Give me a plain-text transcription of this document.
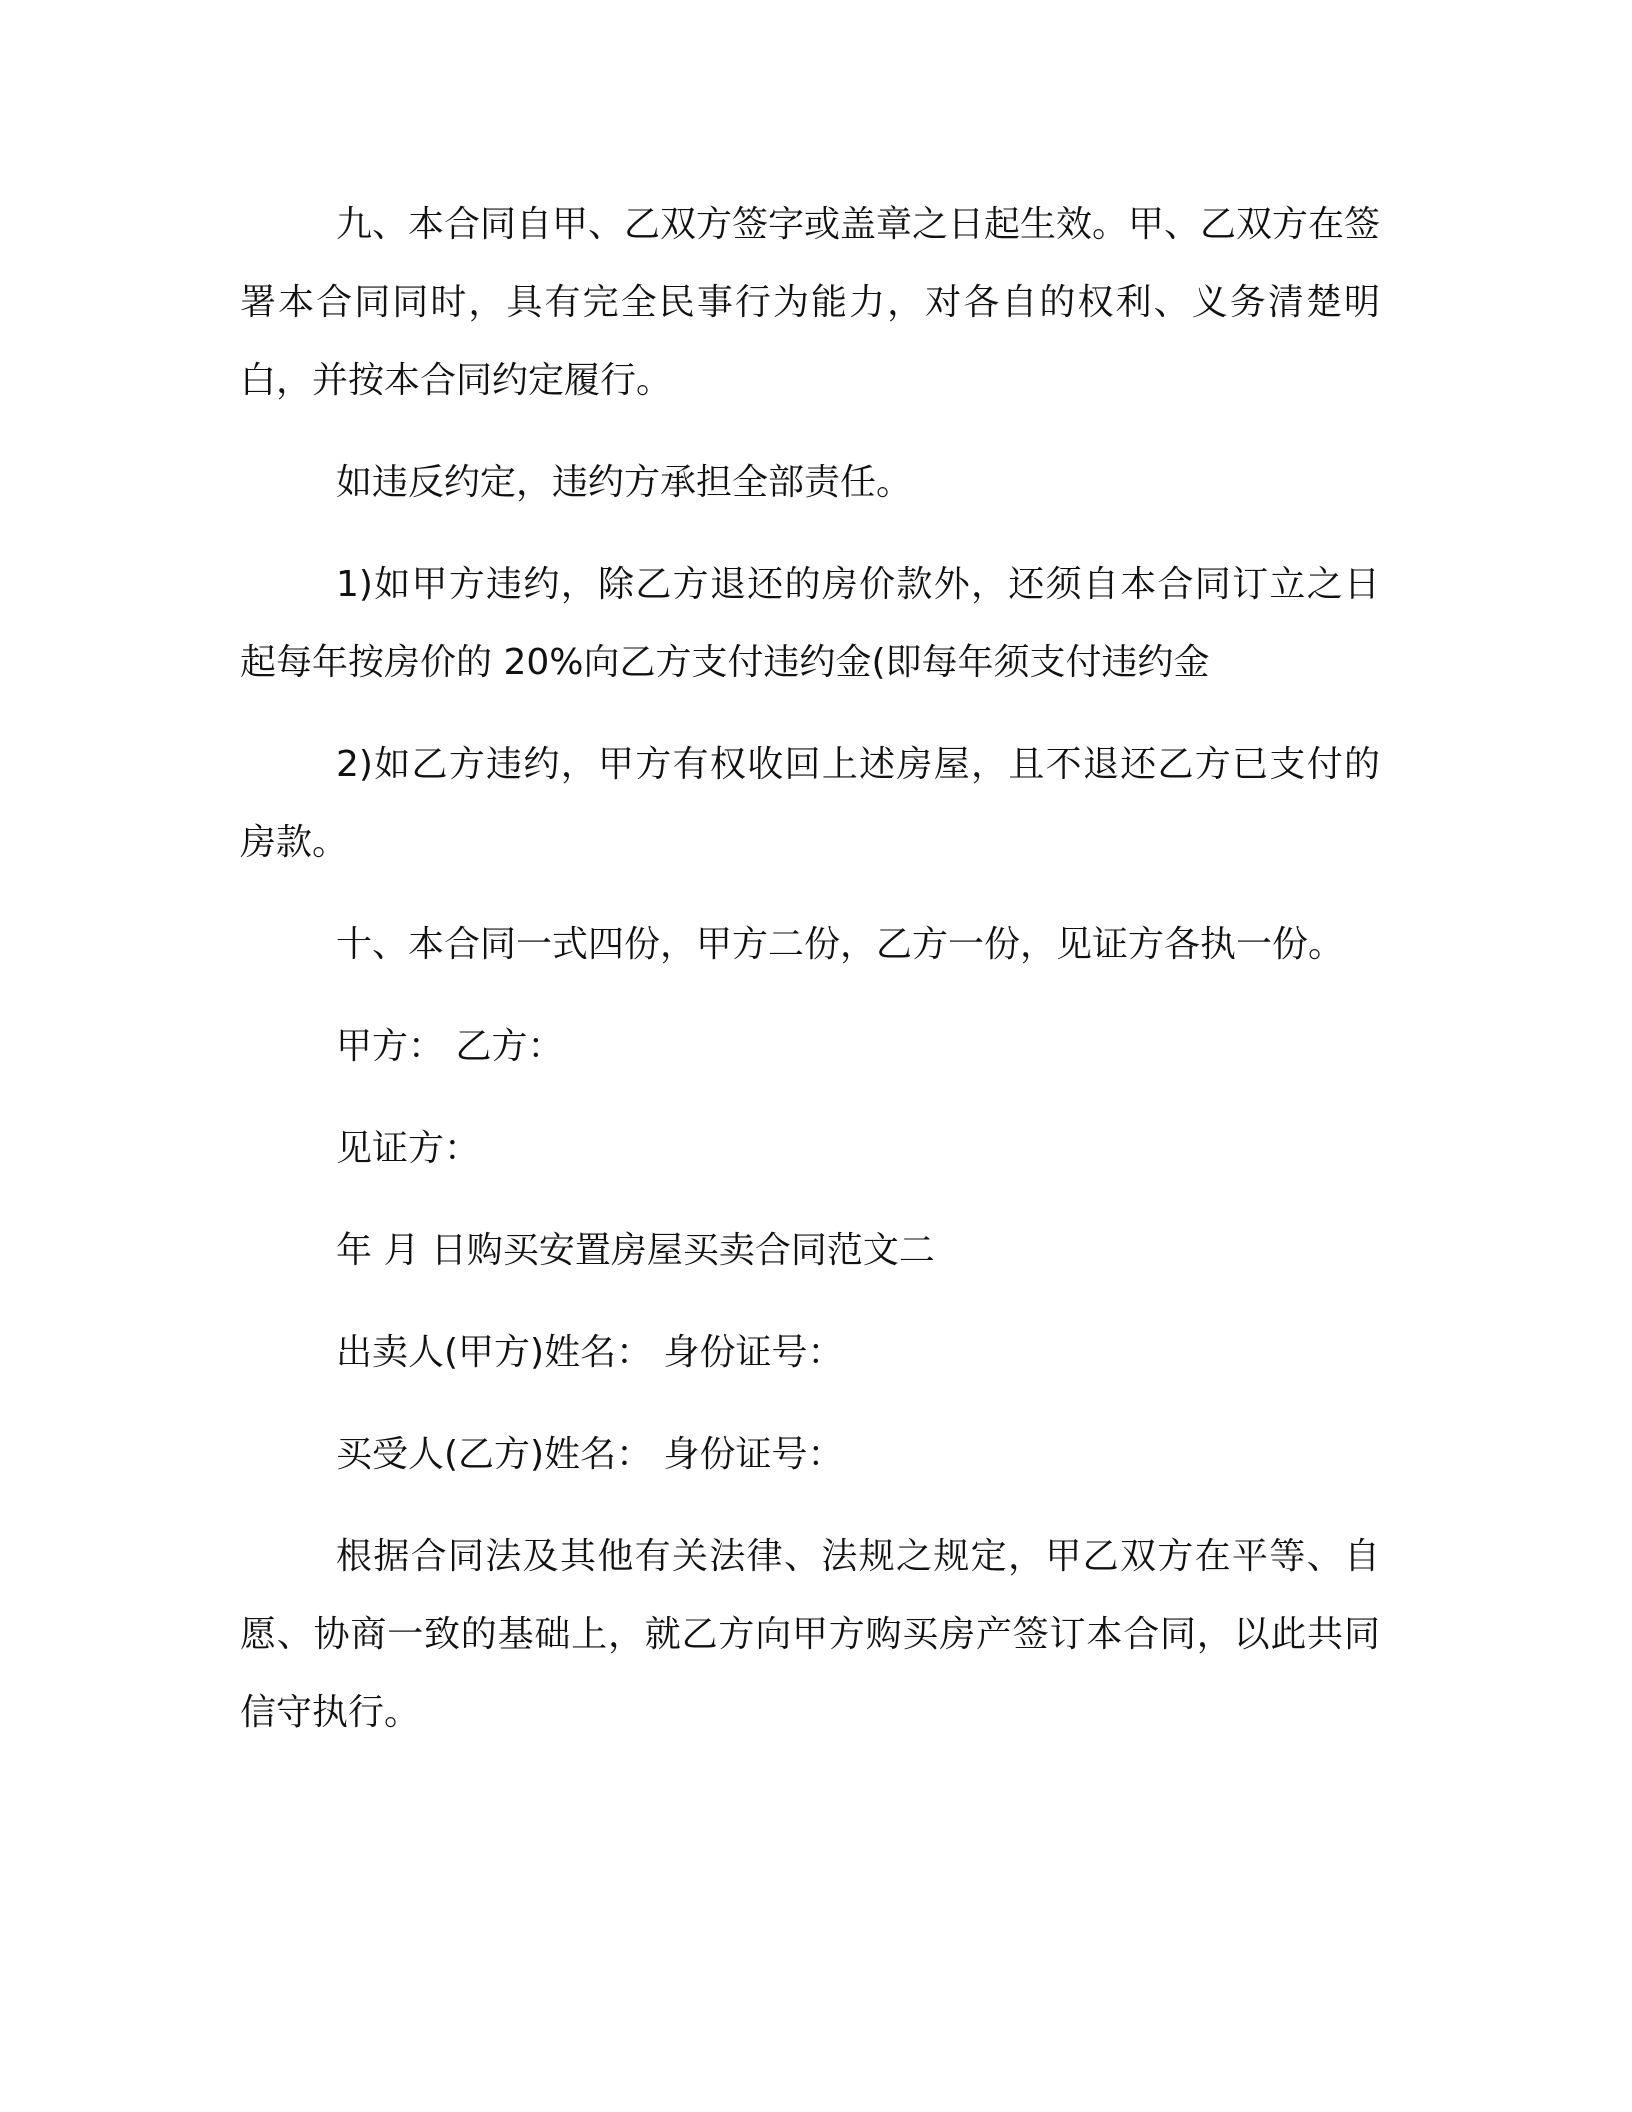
九、本合同自甲、乙双方签字或盖章之日起生效。甲、乙双方在签署本合同同时，具有完全民事行为能力，对各自的权利、义务清楚明白，并按本合同约定履行。

如违反约定，违约方承担全部责任。

1)如甲方违约，除乙方退还的房价款外，还须自本合同订立之日起每年按房价的 20%向乙方支付违约金(即每年须支付违约金

2)如乙方违约，甲方有权收回上述房屋，且不退还乙方已支付的房款。

十、本合同一式四份，甲方二份，乙方一份，见证方各执一份。

甲方： 乙方：

见证方：

年 月 日购买安置房屋买卖合同范文二

出卖人(甲方)姓名： 身份证号：

买受人(乙方)姓名： 身份证号：

根据合同法及其他有关法律、法规之规定，甲乙双方在平等、自愿、协商一致的基础上，就乙方向甲方购买房产签订本合同，以此共同信守执行。
